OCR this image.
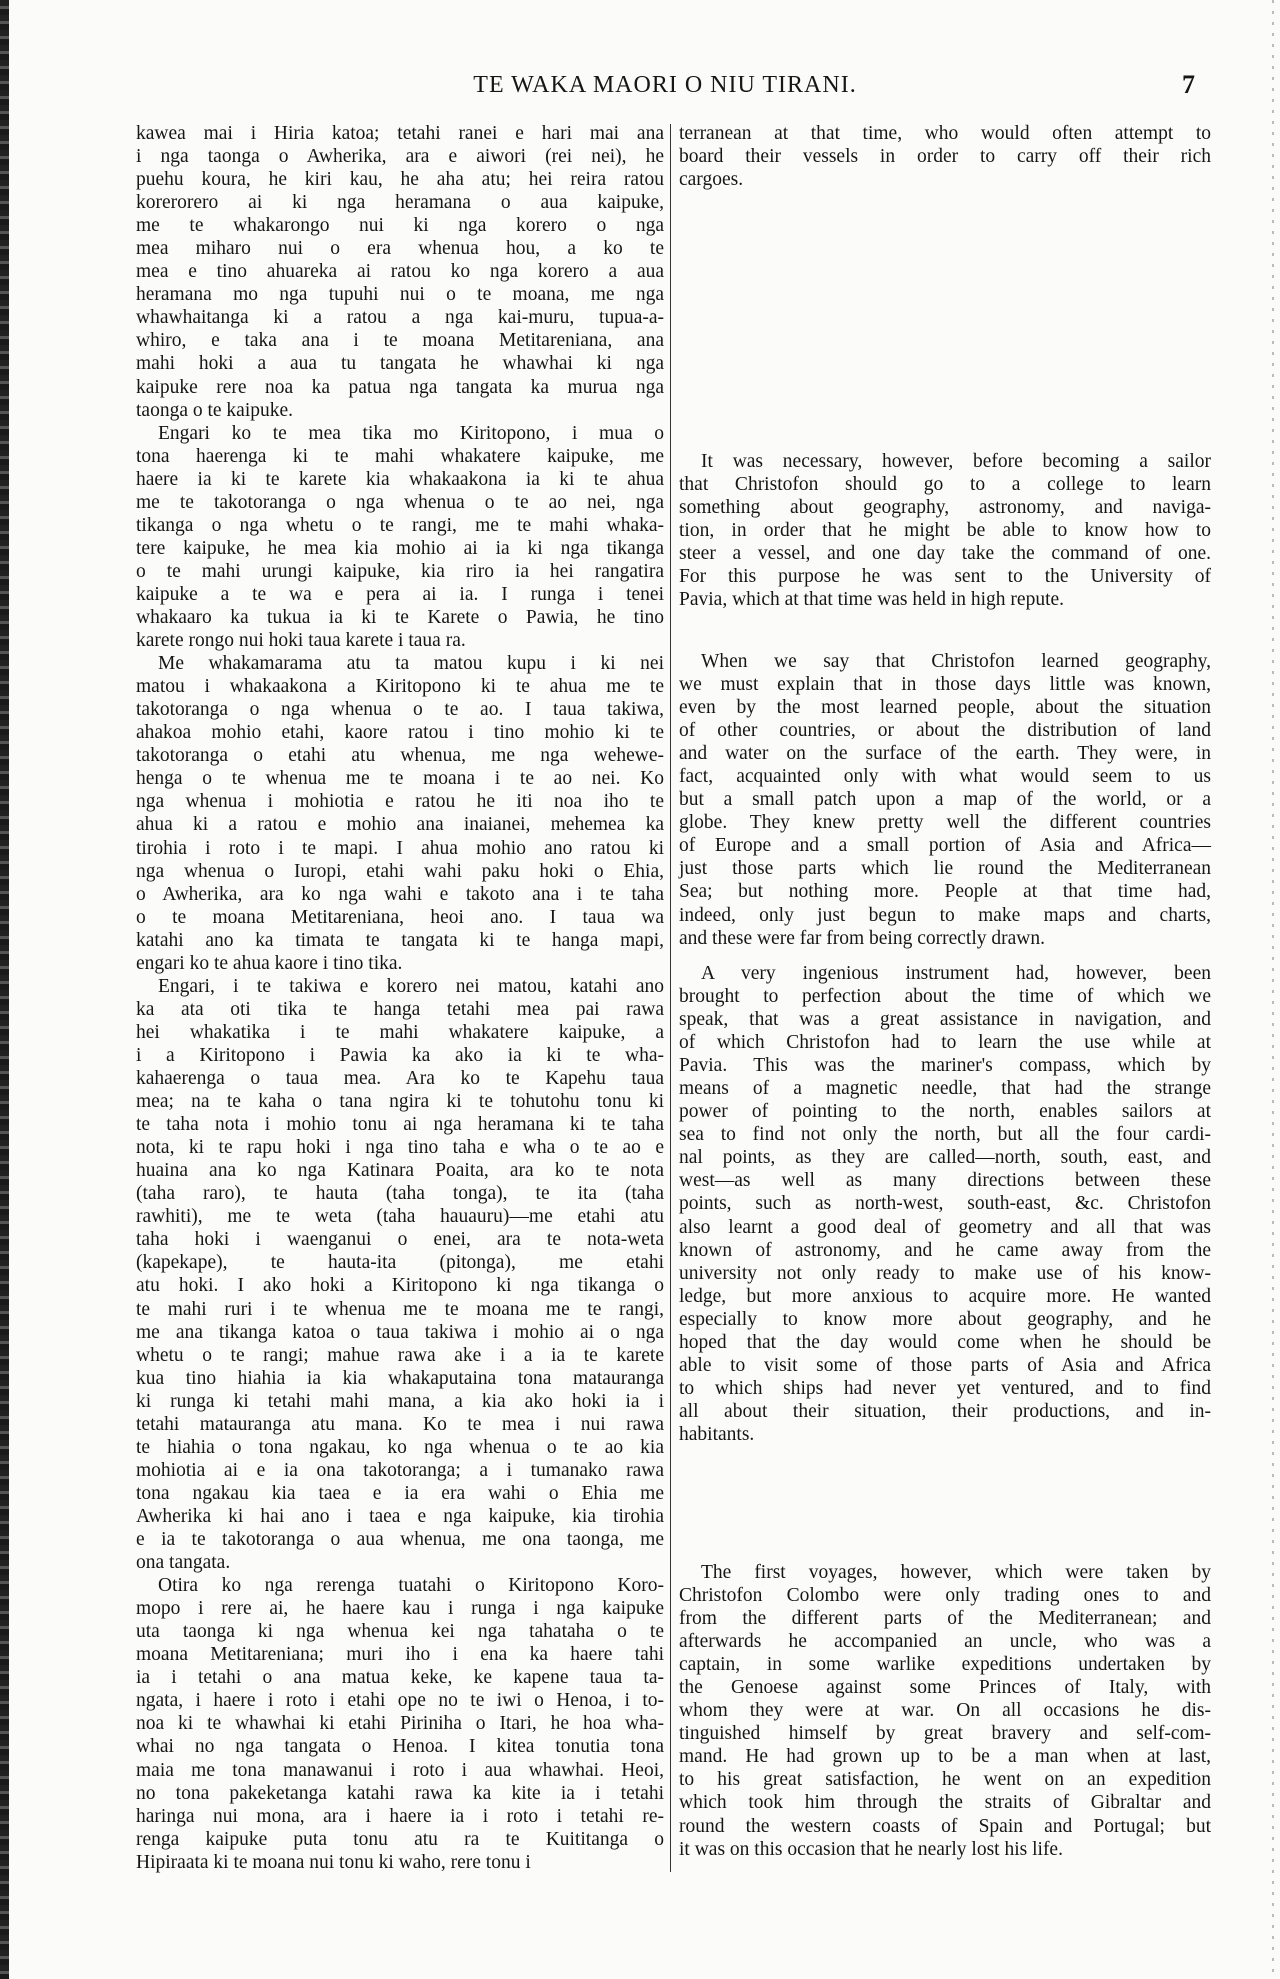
TE WAKA MAORI O NIU TIRANI.	7
kawea mai i Hiria katoa; tetahi ranei e hari mai ana
i nga taonga o Awherika, ara e aiwori (rei nei), he
puehu koura, he kiri kau, he aha atu; hei reira ratou
korerorero ai ki nga heramana o aua kaipuke,
me te whakarongo nui ki nga korero o nga
mea miharo nui o era whenua hou, a ko te
mea e tino ahuareka ai ratou ko nga korero a aua
heramana mo nga tupuhi nui o te moana, me nga
whawhaitanga ki a ratou a nga kai-muru, tupua-a-
whiro, e taka ana i te moana Metitareniana, ana
mahi hoki a aua tu tangata he whawhai ki nga
kaipuke rere noa ka patua nga tangata ka murua nga
taonga o te kaipuke.
Engari ko te mea tika mo Kiritopono, i mua o
tona haerenga ki te mahi whakatere kaipuke, me
haere ia ki te karete kia whakaakona ia ki te ahua
me te takotoranga o nga whenua o te ao nei, nga
tikanga o nga whetu o te rangi, me te mahi whaka-
tere kaipuke, he mea kia mohio ai ia ki nga tikanga
o te mahi urungi kaipuke, kia riro ia hei rangatira
kaipuke a te wa e pera ai ia. I runga i tenei
whakaaro ka tukua ia ki te Karete o Pawia, he tino
karete rongo nui hoki taua karete i taua ra.
Me whakamarama atu ta matou kupu i ki nei
matou i whakaakona a Kiritopono ki te ahua me te
takotoranga o nga whenua o te ao. I taua takiwa,
ahakoa mohio etahi, kaore ratou i tino mohio ki te
takotoranga o etahi atu whenua, me nga wehewe-
henga o te whenua me te moana i te ao nei. Ko
nga whenua i mohiotia e ratou he iti noa iho te
ahua ki a ratou e mohio ana inaianei, mehemea ka
tirohia i roto i te mapi. I ahua mohio ano ratou ki
nga whenua o Iuropi, etahi wahi paku hoki o Ehia,
o Awherika, ara ko nga wahi e takoto ana i te taha
o te moana Metitareniana, heoi ano. I taua wa
katahi ano ka timata te tangata ki te hanga mapi,
engari ko te ahua kaore i tino tika.
Engari, i te takiwa e korero nei matou, katahi ano
ka ata oti tika te hanga tetahi mea pai rawa
hei whakatika i te mahi whakatere kaipuke, a
i a Kiritopono i Pawia ka ako ia ki te wha-
kahaerenga o taua mea. Ara ko te Kapehu taua
mea; na te kaha o tana ngira ki te tohutohu tonu ki
te taha nota i mohio tonu ai nga heramana ki te taha
nota, ki te rapu hoki i nga tino taha e wha o te ao e
huaina ana ko nga Katinara Poaita, ara ko te nota
(taha raro), te hauta (taha tonga), te ita (taha
rawhiti), me te weta (taha hauauru)—me etahi atu
taha hoki i waenganui o enei, ara te nota-weta
(kapekape), te hauta-ita (pitonga), me etahi
atu hoki. I ako hoki a Kiritopono ki nga tikanga o
te mahi ruri i te whenua me te moana me te rangi,
me ana tikanga katoa o taua takiwa i mohio ai o nga
whetu o te rangi; mahue rawa ake i a ia te karete
kua tino hiahia ia kia whakaputaina tona matauranga
ki runga ki tetahi mahi mana, a kia ako hoki ia i
tetahi matauranga atu mana. Ko te mea i nui rawa
te hiahia o tona ngakau, ko nga whenua o te ao kia
mohiotia ai e ia ona takotoranga; a i tumanako rawa
tona ngakau kia taea e ia era wahi o Ehia me
Awherika ki hai ano i taea e nga kaipuke, kia tirohia
e ia te takotoranga o aua whenua, me ona taonga, me
ona tangata.
Otira ko nga rerenga tuatahi o Kiritopono Koro-
mopo i rere ai, he haere kau i runga i nga kaipuke
uta taonga ki nga whenua kei nga tahataha o te
moana Metitareniana; muri iho i ena ka haere tahi
ia i tetahi o ana matua keke, ke kapene taua ta-
ngata, i haere i roto i etahi ope no te iwi o Henoa, i to-
noa ki te whawhai ki etahi Piriniha o Itari, he hoa wha-
whai no nga tangata o Henoa. I kitea tonutia tona
maia me tona manawanui i roto i aua whawhai. Heoi,
no tona pakeketanga katahi rawa ka kite ia i tetahi
haringa nui mona, ara i haere ia i roto i tetahi re-
renga kaipuke puta tonu atu ra te Kuititanga o
Hipiraata ki te moana nui tonu ki waho, rere tonu i
terranean at that time, who would often attempt to
board their vessels in order to carry off their rich
cargoes.
It was necessary, however, before becoming a sailor
that Christofon should go to a college to learn
something about geography, astronomy, and naviga-
tion, in order that he might be able to know how to
steer a vessel, and one day take the command of one.
For this purpose he was sent to the University of
Pavia, which at that time was held in high repute.
When we say that Christofon learned geography,
we must explain that in those days little was known,
even by the most learned people, about the situation
of other countries, or about the distribution of land
and water on the surface of the earth. They were, in
fact, acquainted only with what would seem to us
but a small patch upon a map of the world, or a
globe. They knew pretty well the different countries
of Europe and a small portion of Asia and Africa—
just those parts which lie round the Mediterranean
Sea; but nothing more. People at that time had,
indeed, only just begun to make maps and charts,
and these were far from being correctly drawn.
A very ingenious instrument had, however, been
brought to perfection about the time of which we
speak, that was a great assistance in navigation, and
of which Christofon had to learn the use while at
Pavia. This was the mariner's compass, which by
means of a magnetic needle, that had the strange
power of pointing to the north, enables sailors at
sea to find not only the north, but all the four cardi-
nal points, as they are called—north, south, east, and
west—as well as many directions between these
points, such as north-west, south-east, &c. Christofon
also learnt a good deal of geometry and all that was
known of astronomy, and he came away from the
university not only ready to make use of his know-
ledge, but more anxious to acquire more. He wanted
especially to know more about geography, and he
hoped that the day would come when he should be
able to visit some of those parts of Asia and Africa
to which ships had never yet ventured, and to find
all about their situation, their productions, and in-
habitants.
The first voyages, however, which were taken by
Christofon Colombo were only trading ones to and
from the different parts of the Mediterranean; and
afterwards he accompanied an uncle, who was a
captain, in some warlike expeditions undertaken by
the Genoese against some Princes of Italy, with
whom they were at war. On all occasions he dis-
tinguished himself by great bravery and self-com-
mand. He had grown up to be a man when at last,
to his great satisfaction, he went on an expedition
which took him through the straits of Gibraltar and
round the western coasts of Spain and Portugal; but
it was on this occasion that he nearly lost his life.
